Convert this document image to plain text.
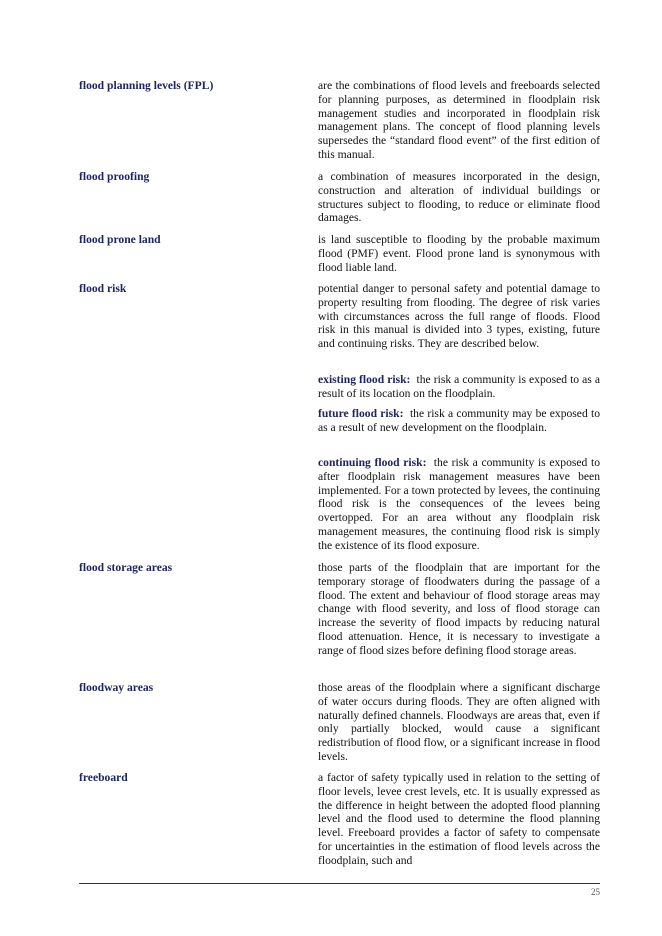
flood planning levels (FPL)	are the combinations of flood levels and freeboards selected for planning purposes, as determined in floodplain risk management studies and incorporated in floodplain risk management plans. The concept of flood planning levels supersedes the “standard flood event” of the first edition of this manual.
flood proofing	a combination of measures incorporated in the design, construction and alteration of individual buildings or structures subject to flooding, to reduce or eliminate flood damages.
flood prone land	is land susceptible to flooding by the probable maximum flood (PMF) event. Flood prone land is synonymous with flood liable land.
flood risk	potential danger to personal safety and potential damage to property resulting from flooding. The degree of risk varies with circumstances across the full range of floods. Flood risk in this manual is divided into 3 types, existing, future and continuing risks. They are described below.
existing flood risk: the risk a community is exposed to as a result of its location on the floodplain.
future flood risk: the risk a community may be exposed to as a result of new development on the floodplain.
continuing flood risk: the risk a community is exposed to after floodplain risk management measures have been implemented. For a town protected by levees, the continuing flood risk is the consequences of the levees being overtopped. For an area without any floodplain risk management measures, the continuing flood risk is simply the existence of its flood exposure.
flood storage areas	those parts of the floodplain that are important for the temporary storage of floodwaters during the passage of a flood. The extent and behaviour of flood storage areas may change with flood severity, and loss of flood storage can increase the severity of flood impacts by reducing natural flood attenuation. Hence, it is necessary to investigate a range of flood sizes before defining flood storage areas.
floodway areas	those areas of the floodplain where a significant discharge of water occurs during floods. They are often aligned with naturally defined channels. Floodways are areas that, even if only partially blocked, would cause a significant redistribution of flood flow, or a significant increase in flood levels.
freeboard	a factor of safety typically used in relation to the setting of floor levels, levee crest levels, etc. It is usually expressed as the difference in height between the adopted flood planning level and the flood used to determine the flood planning level. Freeboard provides a factor of safety to compensate for uncertainties in the estimation of flood levels across the floodplain, such and
25
